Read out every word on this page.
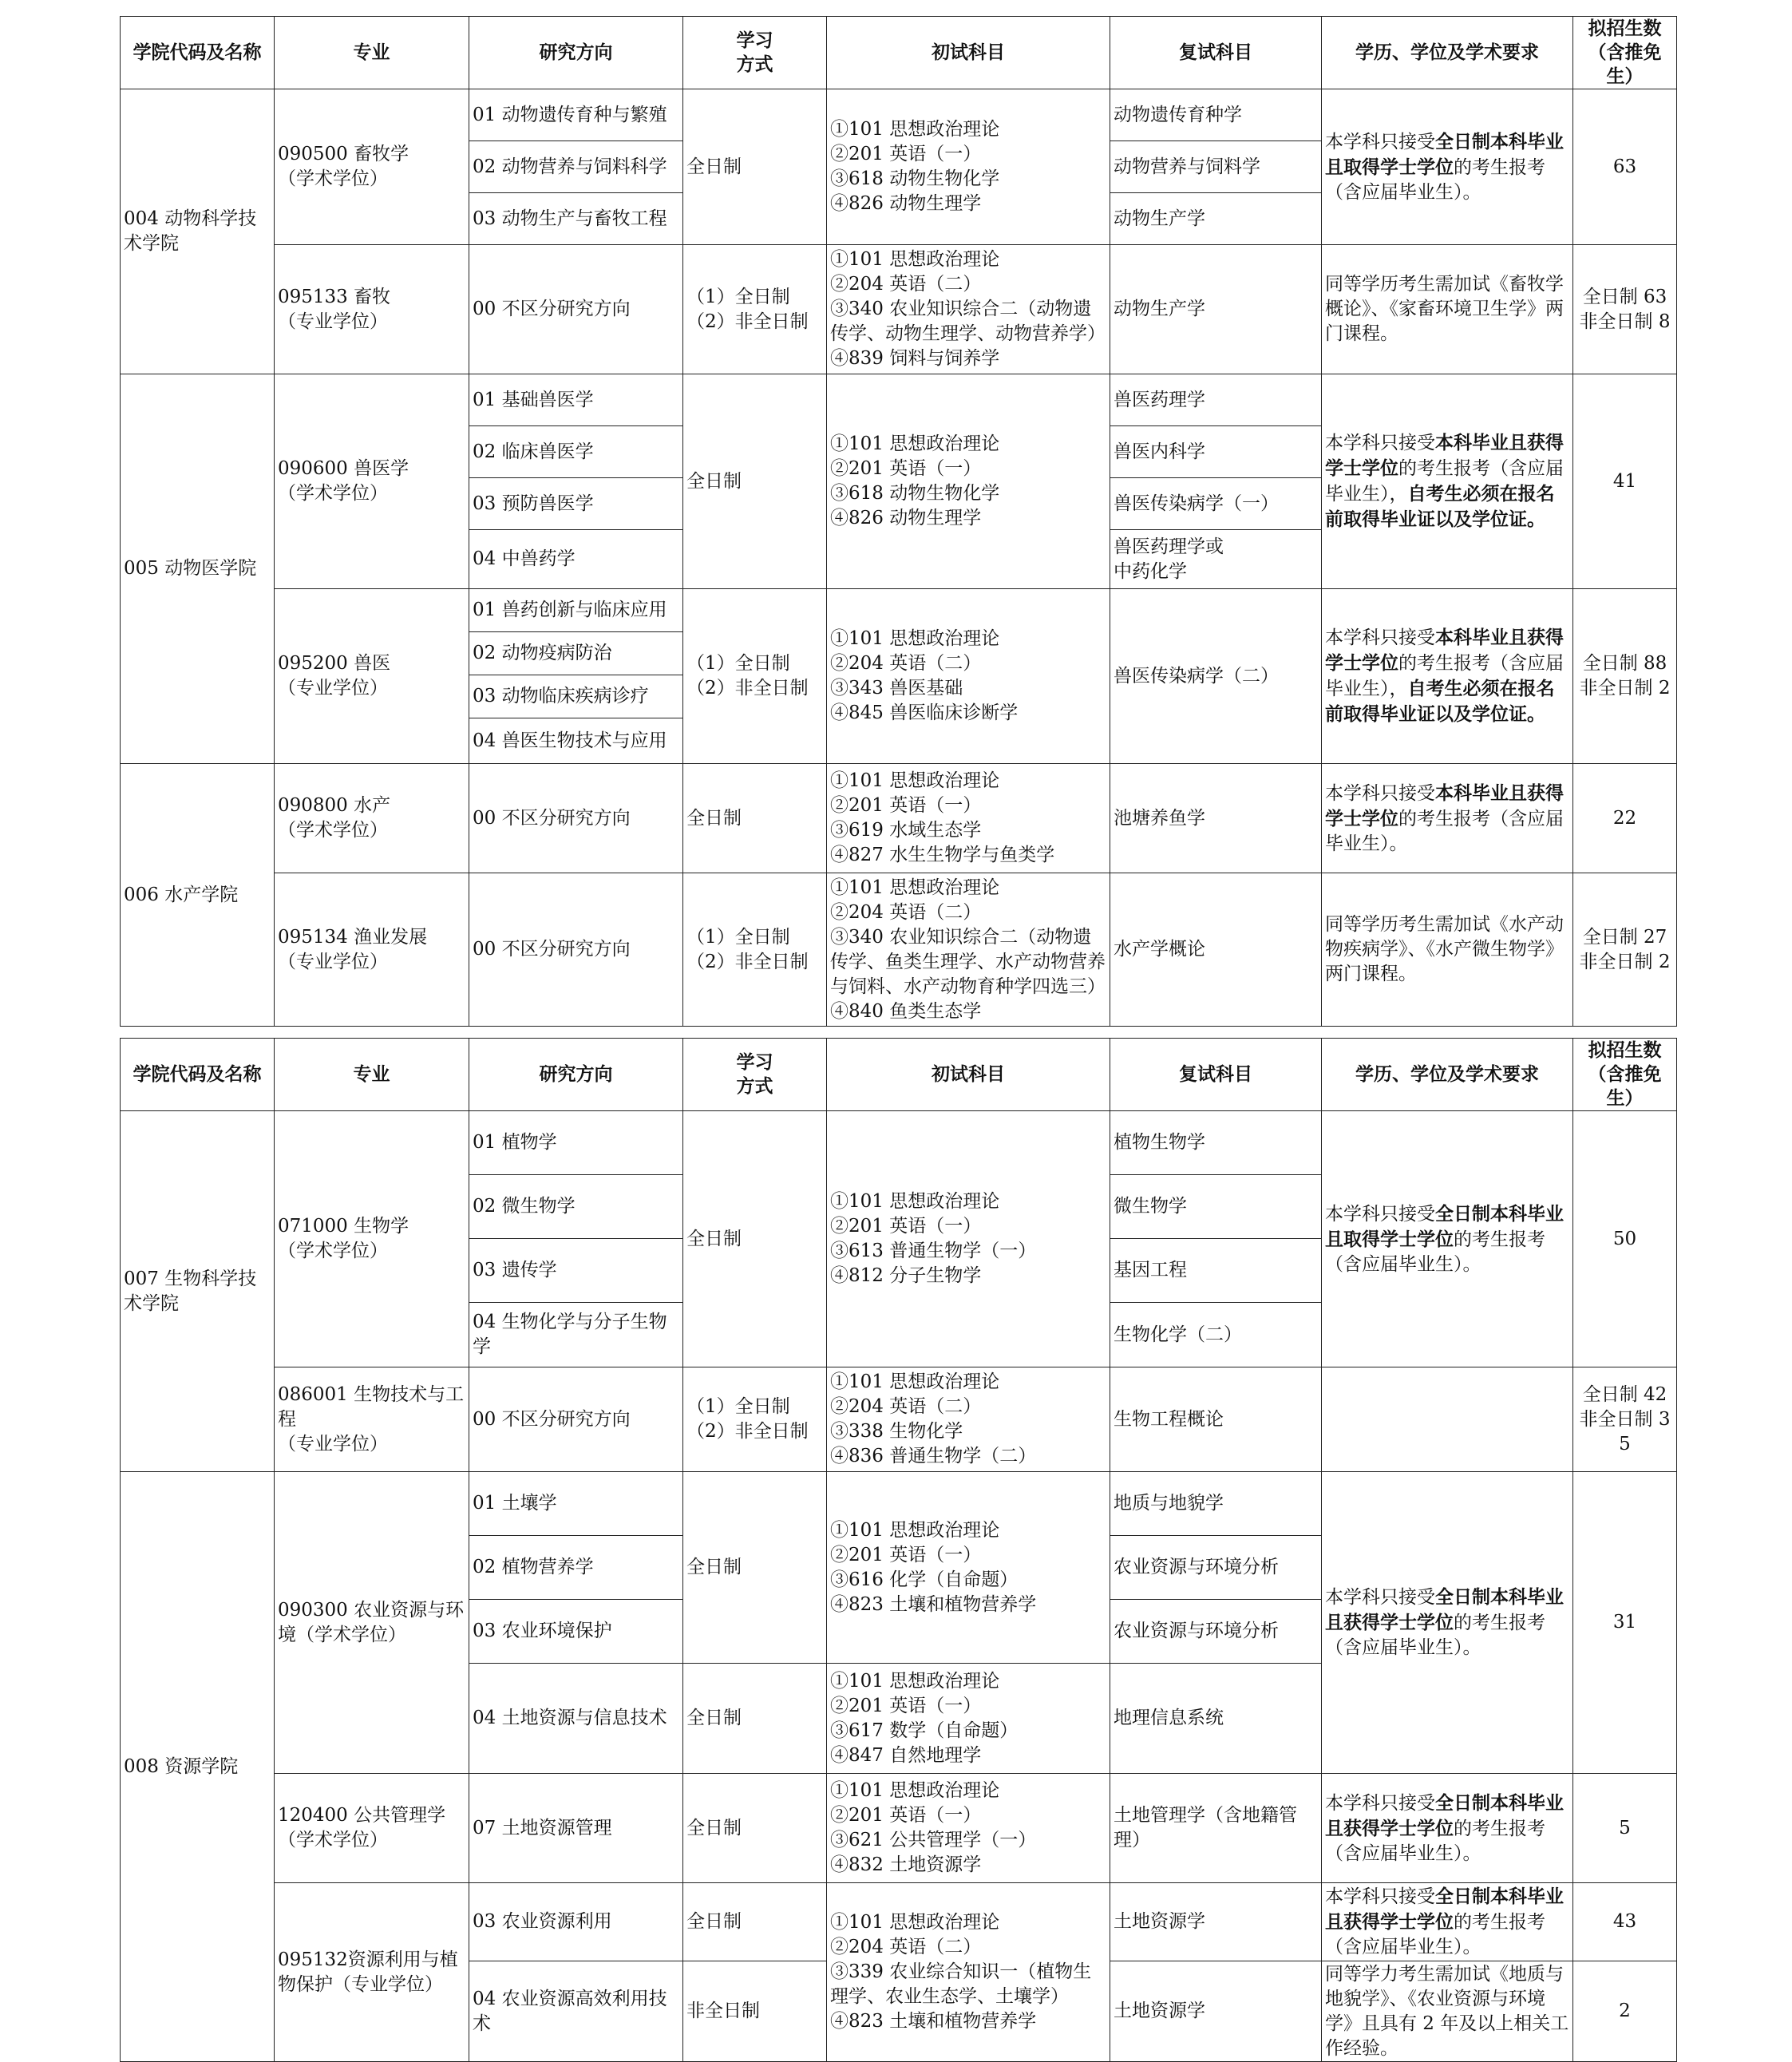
学院代码及名称	专业	研究方向	学习
方式	初试科目	复试科目	学历、学位及学术要求	拟招生数
（含推免生）
004 动物科学技术学院	090500 畜牧学
（学术学位）	01 动物遗传育种与繁殖	全日制	①101 思想政治理论
②201 英语（一）
③618 动物生物化学
④826 动物生理学	动物遗传育种学	本学科只接受全日制本科毕业且取得学士学位的考生报考（含应届毕业生）。	63
		02 动物营养与饲料科学			动物营养与饲料学		
		03 动物生产与畜牧工程			动物生产学		
	095133 畜牧
（专业学位）	00 不区分研究方向	（1）全日制
（2）非全日制	①101 思想政治理论
②204 英语（二）
③340 农业知识综合二（动物遗传学、动物生理学、动物营养学）
④839 饲料与饲养学	动物生产学	同等学历考生需加试《畜牧学概论》、《家畜环境卫生学》两门课程。	全日制 63
非全日制 8
005 动物医学院	090600 兽医学
（学术学位）	01 基础兽医学	全日制	①101 思想政治理论
②201 英语（一）
③618 动物生物化学
④826 动物生理学	兽医药理学	本学科只接受本科毕业且获得学士学位的考生报考（含应届毕业生），自考生必须在报名前取得毕业证以及学位证。	41
		02 临床兽医学			兽医内科学		
		03 预防兽医学			兽医传染病学（一）		
		04 中兽药学			兽医药理学或
中药化学		
	095200 兽医
（专业学位）	01 兽药创新与临床应用	（1）全日制
（2）非全日制	①101 思想政治理论
②204 英语（二）
③343 兽医基础
④845 兽医临床诊断学	兽医传染病学（二）	本学科只接受本科毕业且获得学士学位的考生报考（含应届毕业生），自考生必须在报名前取得毕业证以及学位证。	全日制 88
非全日制 2
		02 动物疫病防治					
		03 动物临床疾病诊疗					
		04 兽医生物技术与应用					
006 水产学院	090800 水产
（学术学位）	00 不区分研究方向	全日制	①101 思想政治理论
②201 英语（一）
③619 水域生态学
④827 水生生物学与鱼类学	池塘养鱼学	本学科只接受本科毕业且获得学士学位的考生报考（含应届毕业生）。	22
	095134 渔业发展
（专业学位）	00 不区分研究方向	（1）全日制
（2）非全日制	①101 思想政治理论
②204 英语（二）
③340 农业知识综合二（动物遗传学、鱼类生理学、水产动物营养与饲料、水产动物育种学四选三）
④840 鱼类生态学	水产学概论	同等学历考生需加试《水产动物疾病学》、《水产微生物学》两门课程。	全日制 27
非全日制 2
学院代码及名称	专业	研究方向	学习
方式	初试科目	复试科目	学历、学位及学术要求	拟招生数
（含推免生）
007 生物科学技术学院	071000 生物学
（学术学位）	01 植物学	全日制	①101 思想政治理论
②201 英语（一）
③613 普通生物学（一）
④812 分子生物学	植物生物学	本学科只接受全日制本科毕业且取得学士学位的考生报考（含应届毕业生）。	50
		02 微生物学			微生物学		
		03 遗传学			基因工程		
		04 生物化学与分子生物学			生物化学（二）		
	086001 生物技术与工程
（专业学位）	00 不区分研究方向	（1）全日制
（2）非全日制	①101 思想政治理论
②204 英语（二）
③338 生物化学
④836 普通生物学（二）	生物工程概论		全日制 42
非全日制 35
008 资源学院	090300 农业资源与环境（学术学位）	01 土壤学	全日制	①101 思想政治理论
②201 英语（一）
③616 化学（自命题）
④823 土壤和植物营养学	地质与地貌学	本学科只接受全日制本科毕业且获得学士学位的考生报考（含应届毕业生）。	31
		02 植物营养学			农业资源与环境分析		
		03 农业环境保护			农业资源与环境分析		
		04 土地资源与信息技术	全日制	①101 思想政治理论
②201 英语（一）
③617 数学（自命题）
④847 自然地理学	地理信息系统		
	120400 公共管理学
（学术学位）	07 土地资源管理	全日制	①101 思想政治理论
②201 英语（一）
③621 公共管理学（一）
④832 土地资源学	土地管理学（含地籍管理）	本学科只接受全日制本科毕业且获得学士学位的考生报考（含应届毕业生）。	5
	095132资源利用与植物保护（专业学位）	03 农业资源利用	全日制	①101 思想政治理论
②204 英语（二）
③339 农业综合知识一（植物生理学、农业生态学、土壤学）
④823 土壤和植物营养学	土地资源学	本学科只接受全日制本科毕业且获得学士学位的考生报考（含应届毕业生）。	43
		04 农业资源高效利用技术	非全日制		土地资源学	同等学力考生需加试《地质与地貌学》、《农业资源与环境学》且具有 2 年及以上相关工作经验。	2
